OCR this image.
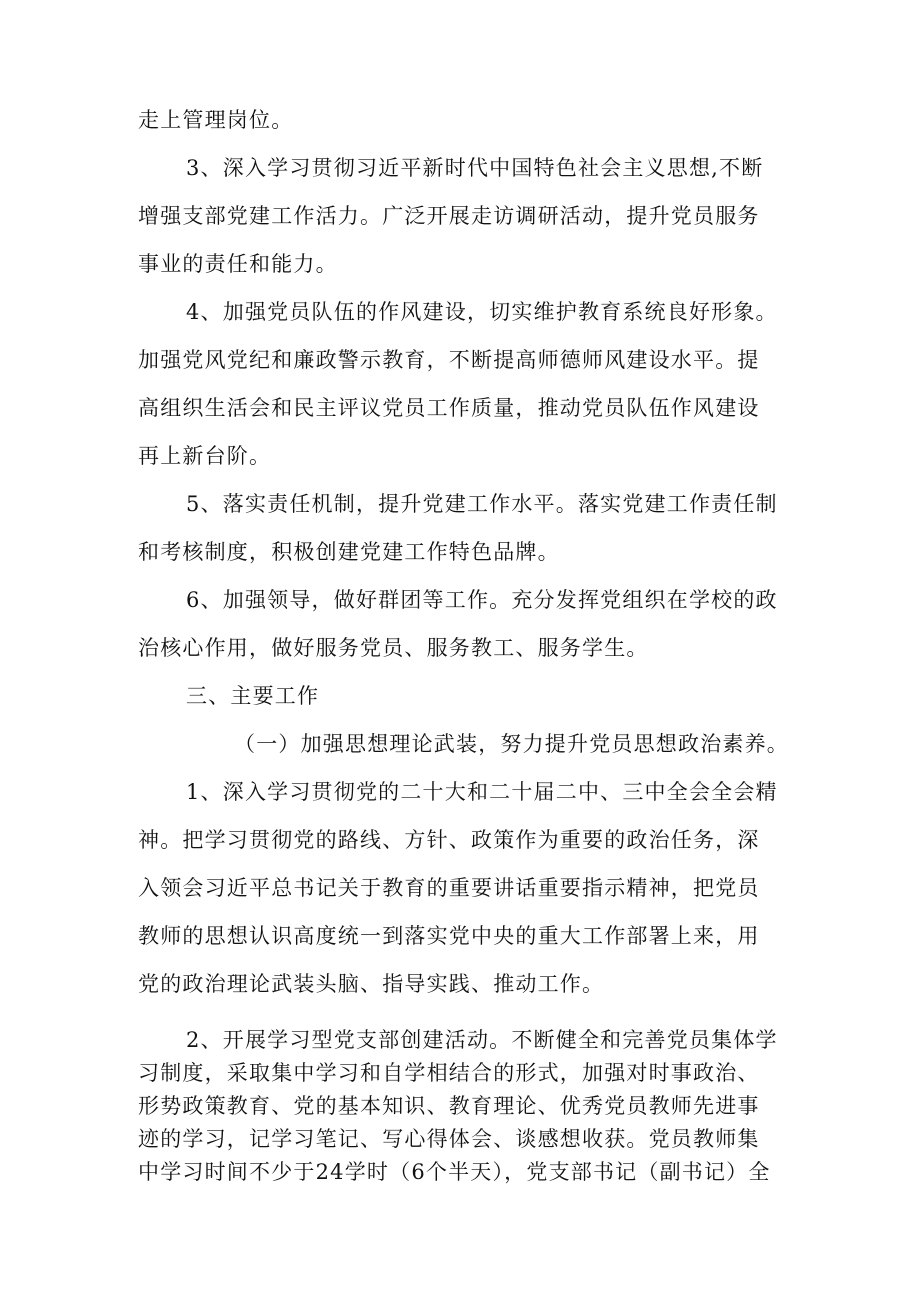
走上管理岗位。
3、深入学习贯彻习近平新时代中国特色社会主义思想,不断
增强支部党建工作活力。广泛开展走访调研活动，提升党员服务
事业的责任和能力。
4、加强党员队伍的作风建设，切实维护教育系统良好形象。
加强党风党纪和廉政警示教育，不断提高师德师风建设水平。提
高组织生活会和民主评议党员工作质量，推动党员队伍作风建设
再上新台阶。
5、落实责任机制，提升党建工作水平。落实党建工作责任制
和考核制度，积极创建党建工作特色品牌。
6、加强领导，做好群团等工作。充分发挥党组织在学校的政
治核心作用，做好服务党员、服务教工、服务学生。
三、主要工作
（一）加强思想理论武装，努力提升党员思想政治素养。
1、深入学习贯彻党的二十大和二十届二中、三中全会全会精
神。把学习贯彻党的路线、方针、政策作为重要的政治任务，深
入领会习近平总书记关于教育的重要讲话重要指示精神，把党员
教师的思想认识高度统一到落实党中央的重大工作部署上来，用
党的政治理论武装头脑、指导实践、推动工作。
2、开展学习型党支部创建活动。不断健全和完善党员集体学
习制度，采取集中学习和自学相结合的形式，加强对时事政治、
形势政策教育、党的基本知识、教育理论、优秀党员教师先进事
迹的学习，记学习笔记、写心得体会、谈感想收获。党员教师集
中学习时间不少于24学时（6个半天），党支部书记（副书记）全
